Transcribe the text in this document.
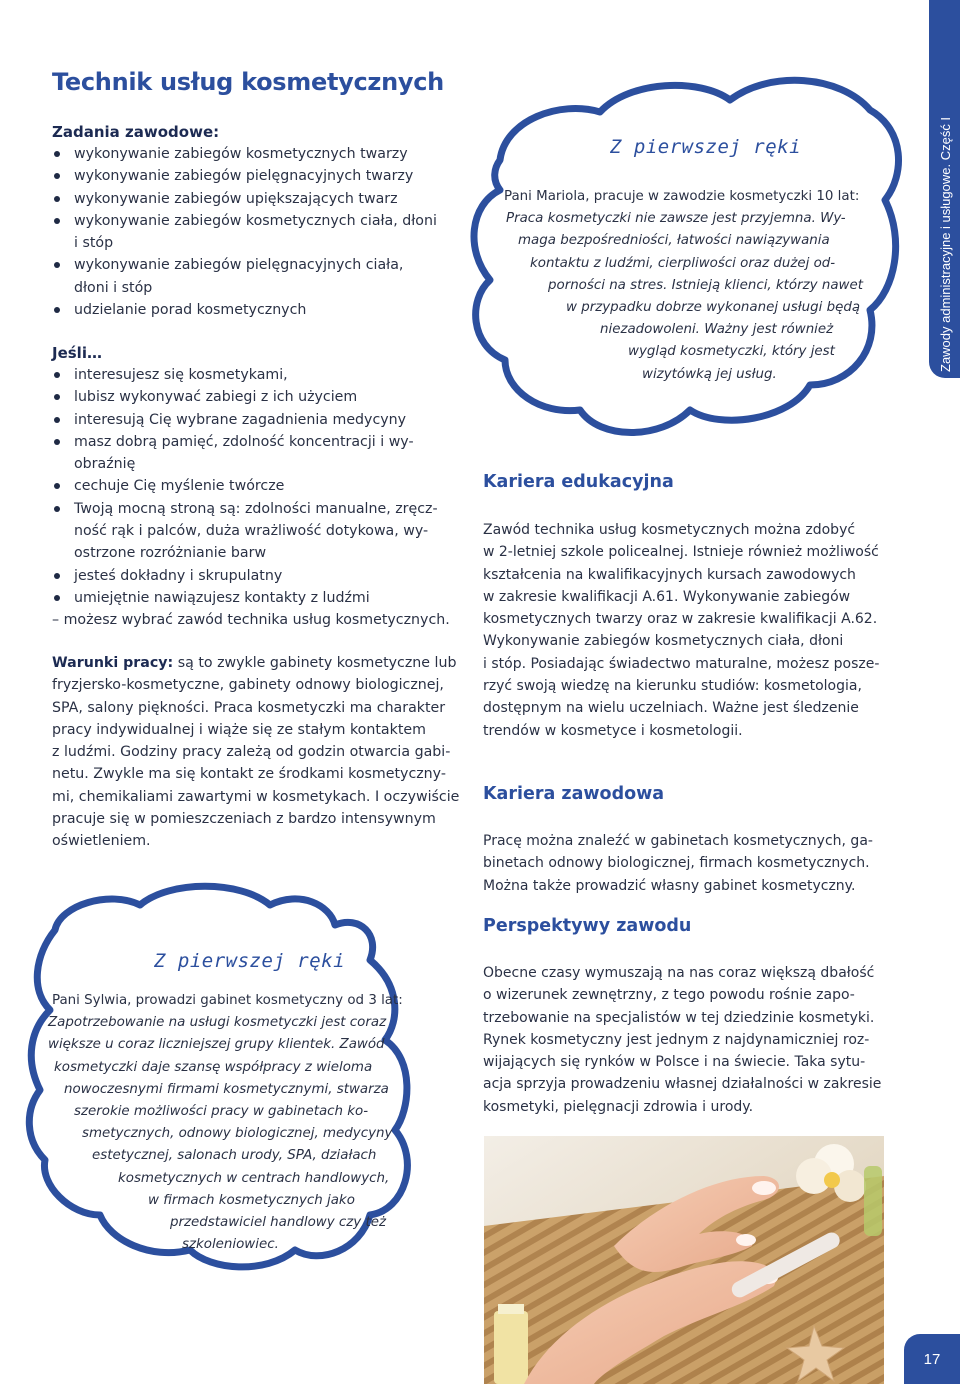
Zawody administracyjne i usługowe. Część I
17
Technik usług kosmetycznych
Zadania zawodowe:
wykonywanie zabiegów kosmetycznych twarzy
wykonywanie zabiegów pielęgnacyjnych twarzy
wykonywanie zabiegów upiększających twarz
wykonywanie zabiegów kosmetycznych ciała, dłoni
i stóp
wykonywanie zabiegów pielęgnacyjnych ciała,
dłoni i stóp
udzielanie porad kosmetycznych
Jeśli…
interesujesz się kosmetykami,
lubisz wykonywać zabiegi z ich użyciem
interesują Cię wybrane zagadnienia medycyny
masz dobrą pamięć, zdolność koncentracji i wy-
obraźnię
cechuje Cię myślenie twórcze
Twoją mocną stroną są: zdolności manualne, zręcz-
ność rąk i palców, duża wrażliwość dotykowa, wy-
ostrzone rozróżnianie barw
jesteś dokładny i skrupulatny
umiejętnie nawiązujesz kontakty z ludźmi
– możesz wybrać zawód technika usług kosmetycznych.
Warunki pracy: są to zwykle gabinety kosmetyczne lub
fryzjersko-kosmetyczne, gabinety odnowy biologicznej,
SPA, salony piękności. Praca kosmetyczki ma charakter
pracy indywidualnej i wiąże się ze stałym kontaktem
z ludźmi. Godziny pracy zależą od godzin otwarcia gabi-
netu. Zwykle ma się kontakt ze środkami kosmetyczny-
mi, chemikaliami zawartymi w kosmetykach. I oczywiście
pracuje się w pomieszczeniach z bardzo intensywnym
oświetleniem.
Z pierwszej ręki
Pani Mariola, pracuje w zawodzie kosmetyczki 10 lat:
Praca kosmetyczki nie zawsze jest przyjemna. Wy-
maga bezpośredniości, łatwości nawiązywania
kontaktu z ludźmi, cierpliwości oraz dużej od-
porności na stres. Istnieją klienci, którzy nawet
w przypadku dobrze wykonanej usługi będą
niezadowoleni. Ważny jest również
wygląd kosmetyczki, który jest
wizytówką jej usług.
Z pierwszej ręki
Pani Sylwia, prowadzi gabinet kosmetyczny od 3 lat:
Zapotrzebowanie na usługi kosmetyczki jest coraz
większe u coraz liczniejszej grupy klientek. Zawód
kosmetyczki daje szansę współpracy z wieloma
nowoczesnymi firmami kosmetycznymi, stwarza
szerokie możliwości pracy w gabinetach ko-
smetycznych, odnowy biologicznej, medycyny
estetycznej, salonach urody, SPA, działach
kosmetycznych w centrach handlowych,
w firmach kosmetycznych jako
przedstawiciel handlowy czy też
szkoleniowiec.
Kariera edukacyjna
Zawód technika usług kosmetycznych można zdobyć
w 2-letniej szkole policealnej. Istnieje również możliwość
kształcenia na kwalifikacyjnych kursach zawodowych
w zakresie kwalifikacji A.61. Wykonywanie zabiegów
kosmetycznych twarzy oraz w zakresie kwalifikacji A.62.
Wykonywanie zabiegów kosmetycznych ciała, dłoni
i stóp. Posiadając świadectwo maturalne, możesz posze-
rzyć swoją wiedzę na kierunku studiów: kosmetologia,
dostępnym na wielu uczelniach. Ważne jest śledzenie
trendów w kosmetyce i kosmetologii.
Kariera zawodowa
Pracę można znaleźć w gabinetach kosmetycznych, ga-
binetach odnowy biologicznej, firmach kosmetycznych.
Można także prowadzić własny gabinet kosmetyczny.
Perspektywy zawodu
Obecne czasy wymuszają na nas coraz większą dbałość
o wizerunek zewnętrzny, z tego powodu rośnie zapo-
trzebowanie na specjalistów w tej dziedzinie kosmetyki.
Rynek kosmetyczny jest jednym z najdynamiczniej roz-
wijających się rynków w Polsce i na świecie. Taka sytu-
acja sprzyja prowadzeniu własnej działalności w zakresie
kosmetyki, pielęgnacji zdrowia i urody.
